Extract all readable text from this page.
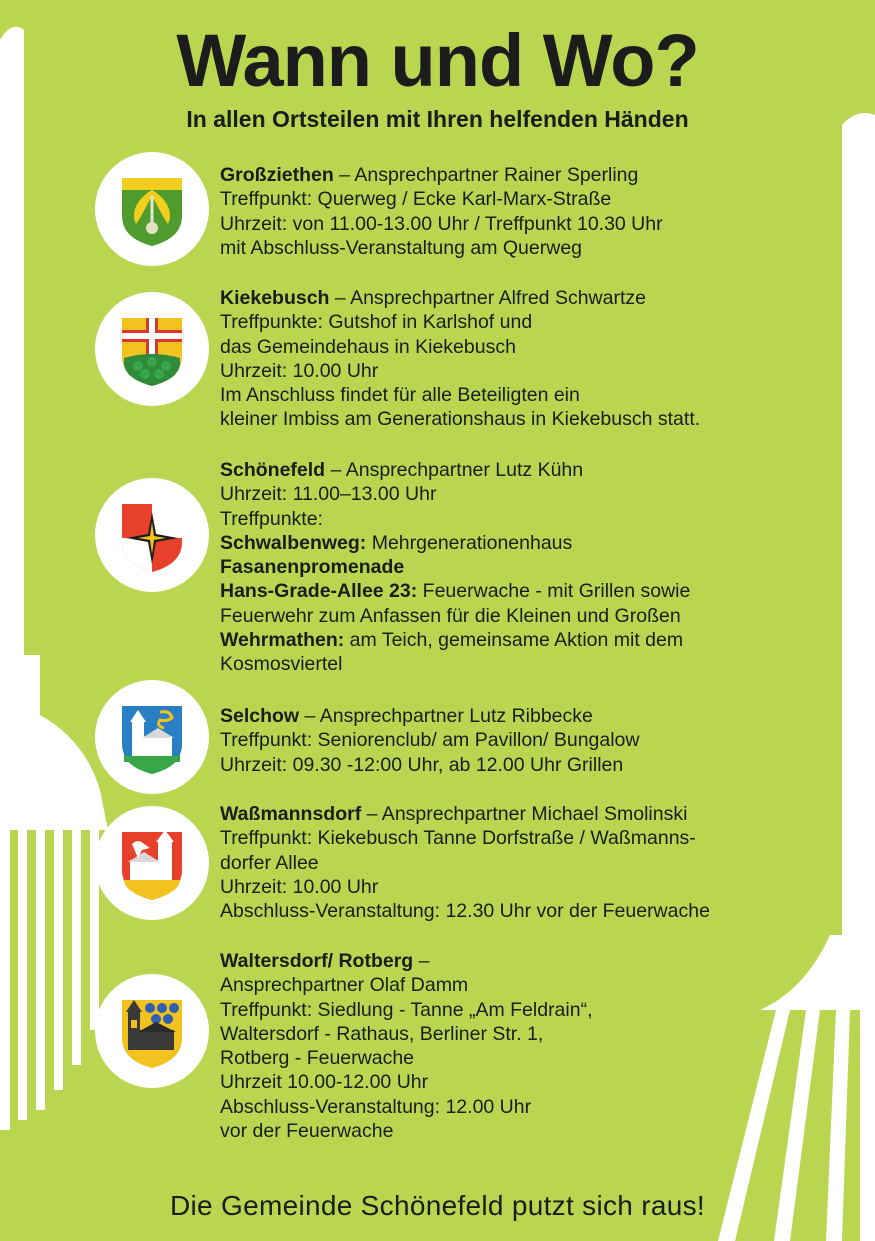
Wann und Wo?
In allen Ortsteilen mit Ihren helfenden Händen
Großziethen – Ansprechpartner Rainer Sperling
Treffpunkt: Querweg / Ecke Karl-Marx-Straße
Uhrzeit: von 11.00-13.00 Uhr / Treffpunkt 10.30 Uhr
mit Abschluss-Veranstaltung am Querweg
Kiekebusch – Ansprechpartner Alfred Schwartze
Treffpunkte: Gutshof in Karlshof und
das Gemeindehaus in Kiekebusch
Uhrzeit: 10.00 Uhr
Im Anschluss findet für alle Beteiligten ein
kleiner Imbiss am Generationshaus in Kiekebusch statt.
Schönefeld – Ansprechpartner Lutz Kühn
Uhrzeit: 11.00–13.00 Uhr
Treffpunkte:
Schwalbenweg: Mehrgenerationenhaus
Fasanenpromenade
Hans-Grade-Allee 23: Feuerwache - mit Grillen sowie
Feuerwehr zum Anfassen für die Kleinen und Großen
Wehrmathen: am Teich, gemeinsame Aktion mit dem
Kosmosviertel
Selchow – Ansprechpartner Lutz Ribbecke
Treffpunkt: Seniorenclub/ am Pavillon/ Bungalow
Uhrzeit: 09.30 -12:00 Uhr, ab 12.00 Uhr Grillen
Waßmannsdorf – Ansprechpartner Michael Smolinski
Treffpunkt: Kiekebusch Tanne Dorfstraße / Waßmanns-
dorfer Allee
Uhrzeit: 10.00 Uhr
Abschluss-Veranstaltung: 12.30 Uhr vor der Feuerwache
Waltersdorf/ Rotberg –
Ansprechpartner Olaf Damm
Treffpunkt: Siedlung - Tanne „Am Feldrain“,
Waltersdorf - Rathaus, Berliner Str. 1,
Rotberg - Feuerwache
Uhrzeit 10.00-12.00 Uhr
Abschluss-Veranstaltung: 12.00 Uhr
vor der Feuerwache
Die Gemeinde Schönefeld putzt sich raus!
